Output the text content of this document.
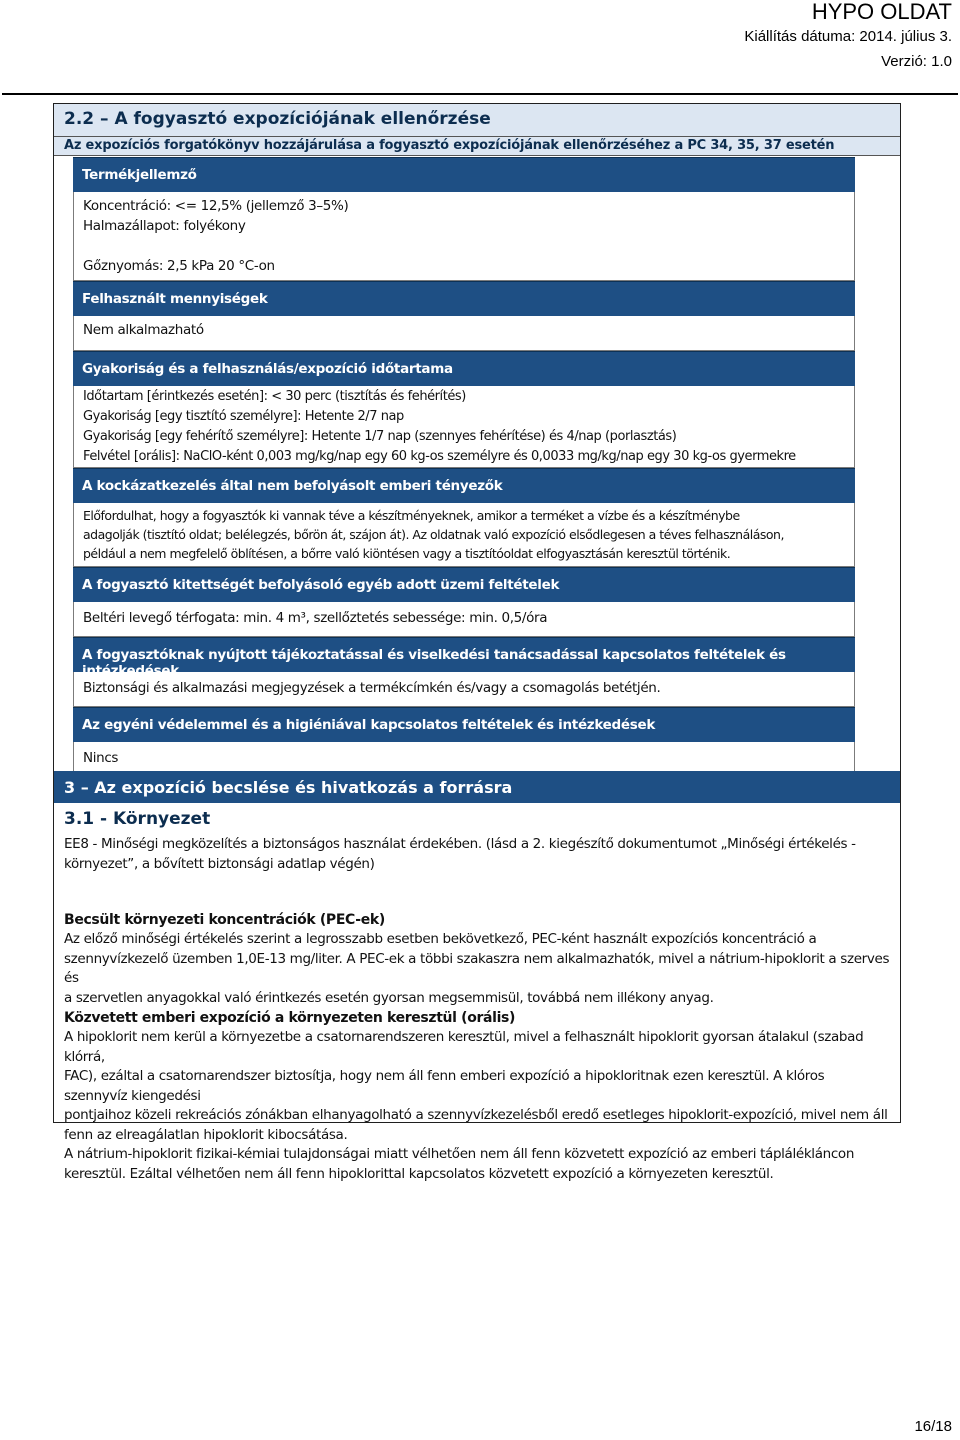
HYPO OLDAT
Kiállítás dátuma: 2014. július 3.
Verzió: 1.0
2.2 – A fogyasztó expozíciójának ellenőrzése
Az expozíciós forgatókönyv hozzájárulása a fogyasztó expozíciójának ellenőrzéséhez a PC 34, 35, 37 esetén
Termékjellemző

Koncentráció: <= 12,5% (jellemző 3–5%)

Halmazállapot: folyékony

Gőznyomás: 2,5 kPa 20 °C-on

Felhasznált mennyiségek

Nem alkalmazható

Gyakoriság és a felhasználás/expozíció időtartama

Időtartam [érintkezés esetén]: < 30 perc (tisztítás és fehérítés)

Gyakoriság [egy tisztító személyre]: Hetente 2/7 nap

Gyakoriság [egy fehérítő személyre]: Hetente 1/7 nap (szennyes fehérítése) és 4/nap (porlasztás)

Felvétel [orális]: NaClO-ként 0,003 mg/kg/nap egy 60 kg-os személyre és 0,0033 mg/kg/nap egy 30 kg-os gyermekre

A kockázatkezelés által nem befolyásolt emberi tényezők

Előfordulhat, hogy a fogyasztók ki vannak téve a készítményeknek, amikor a terméket a vízbe és a készítménybe

adagolják (tisztító oldat; belélegzés, bőrön át, szájon át). Az oldatnak való expozíció elsődlegesen a téves felhasználáson,

például a nem megfelelő öblítésen, a bőrre való kiöntésen vagy a tisztítóoldat elfogyasztásán keresztül történik.

A fogyasztó kitettségét befolyásoló egyéb adott üzemi feltételek

Beltéri levegő térfogata: min. 4 m³, szellőztetés sebessége: min. 0,5/óra

A fogyasztóknak nyújtott tájékoztatással és viselkedési tanácsadással kapcsolatos feltételek és intézkedések

Biztonsági és alkalmazási megjegyzések a termékcímkén és/vagy a csomagolás betétjén.

Az egyéni védelemmel és a higiéniával kapcsolatos feltételek és intézkedések

Nincs

3 – Az expozíció becslése és hivatkozás a forrásra
3.1 - Környezet

EE8 - Minőségi megközelítés a biztonságos használat érdekében. (lásd a 2. kiegészítő dokumentumot „Minőségi értékelés -

környezet”, a bővített biztonsági adatlap végén)

Becsült környezeti koncentrációk (PEC-ek)

Az előző minőségi értékelés szerint a legrosszabb esetben bekövetkező, PEC-ként használt expozíciós koncentráció a

szennyvízkezelő üzemben 1,0E-13 mg/liter. A PEC-ek a többi szakaszra nem alkalmazhatók, mivel a nátrium-hipoklorit a szerves és

a szervetlen anyagokkal való érintkezés esetén gyorsan megsemmisül, továbbá nem illékony anyag.

Közvetett emberi expozíció a környezeten keresztül (orális)

A hipoklorit nem kerül a környezetbe a csatornarendszeren keresztül, mivel a felhasznált hipoklorit gyorsan átalakul (szabad klórrá,

FAC), ezáltal a csatornarendszer biztosítja, hogy nem áll fenn emberi expozíció a hipokloritnak ezen keresztül. A klóros szennyvíz kiengedési

pontjaihoz közeli rekreációs zónákban elhanyagolható a szennyvízkezelésből eredő esetleges hipoklorit-expozíció, mivel nem áll

fenn az elreagálatlan hipoklorit kibocsátása.

A nátrium-hipoklorit fizikai-kémiai tulajdonságai miatt vélhetően nem áll fenn közvetett expozíció az emberi táplálékláncon

keresztül. Ezáltal vélhetően nem áll fenn hipoklorittal kapcsolatos közvetett expozíció a környezeten keresztül.

16/18
